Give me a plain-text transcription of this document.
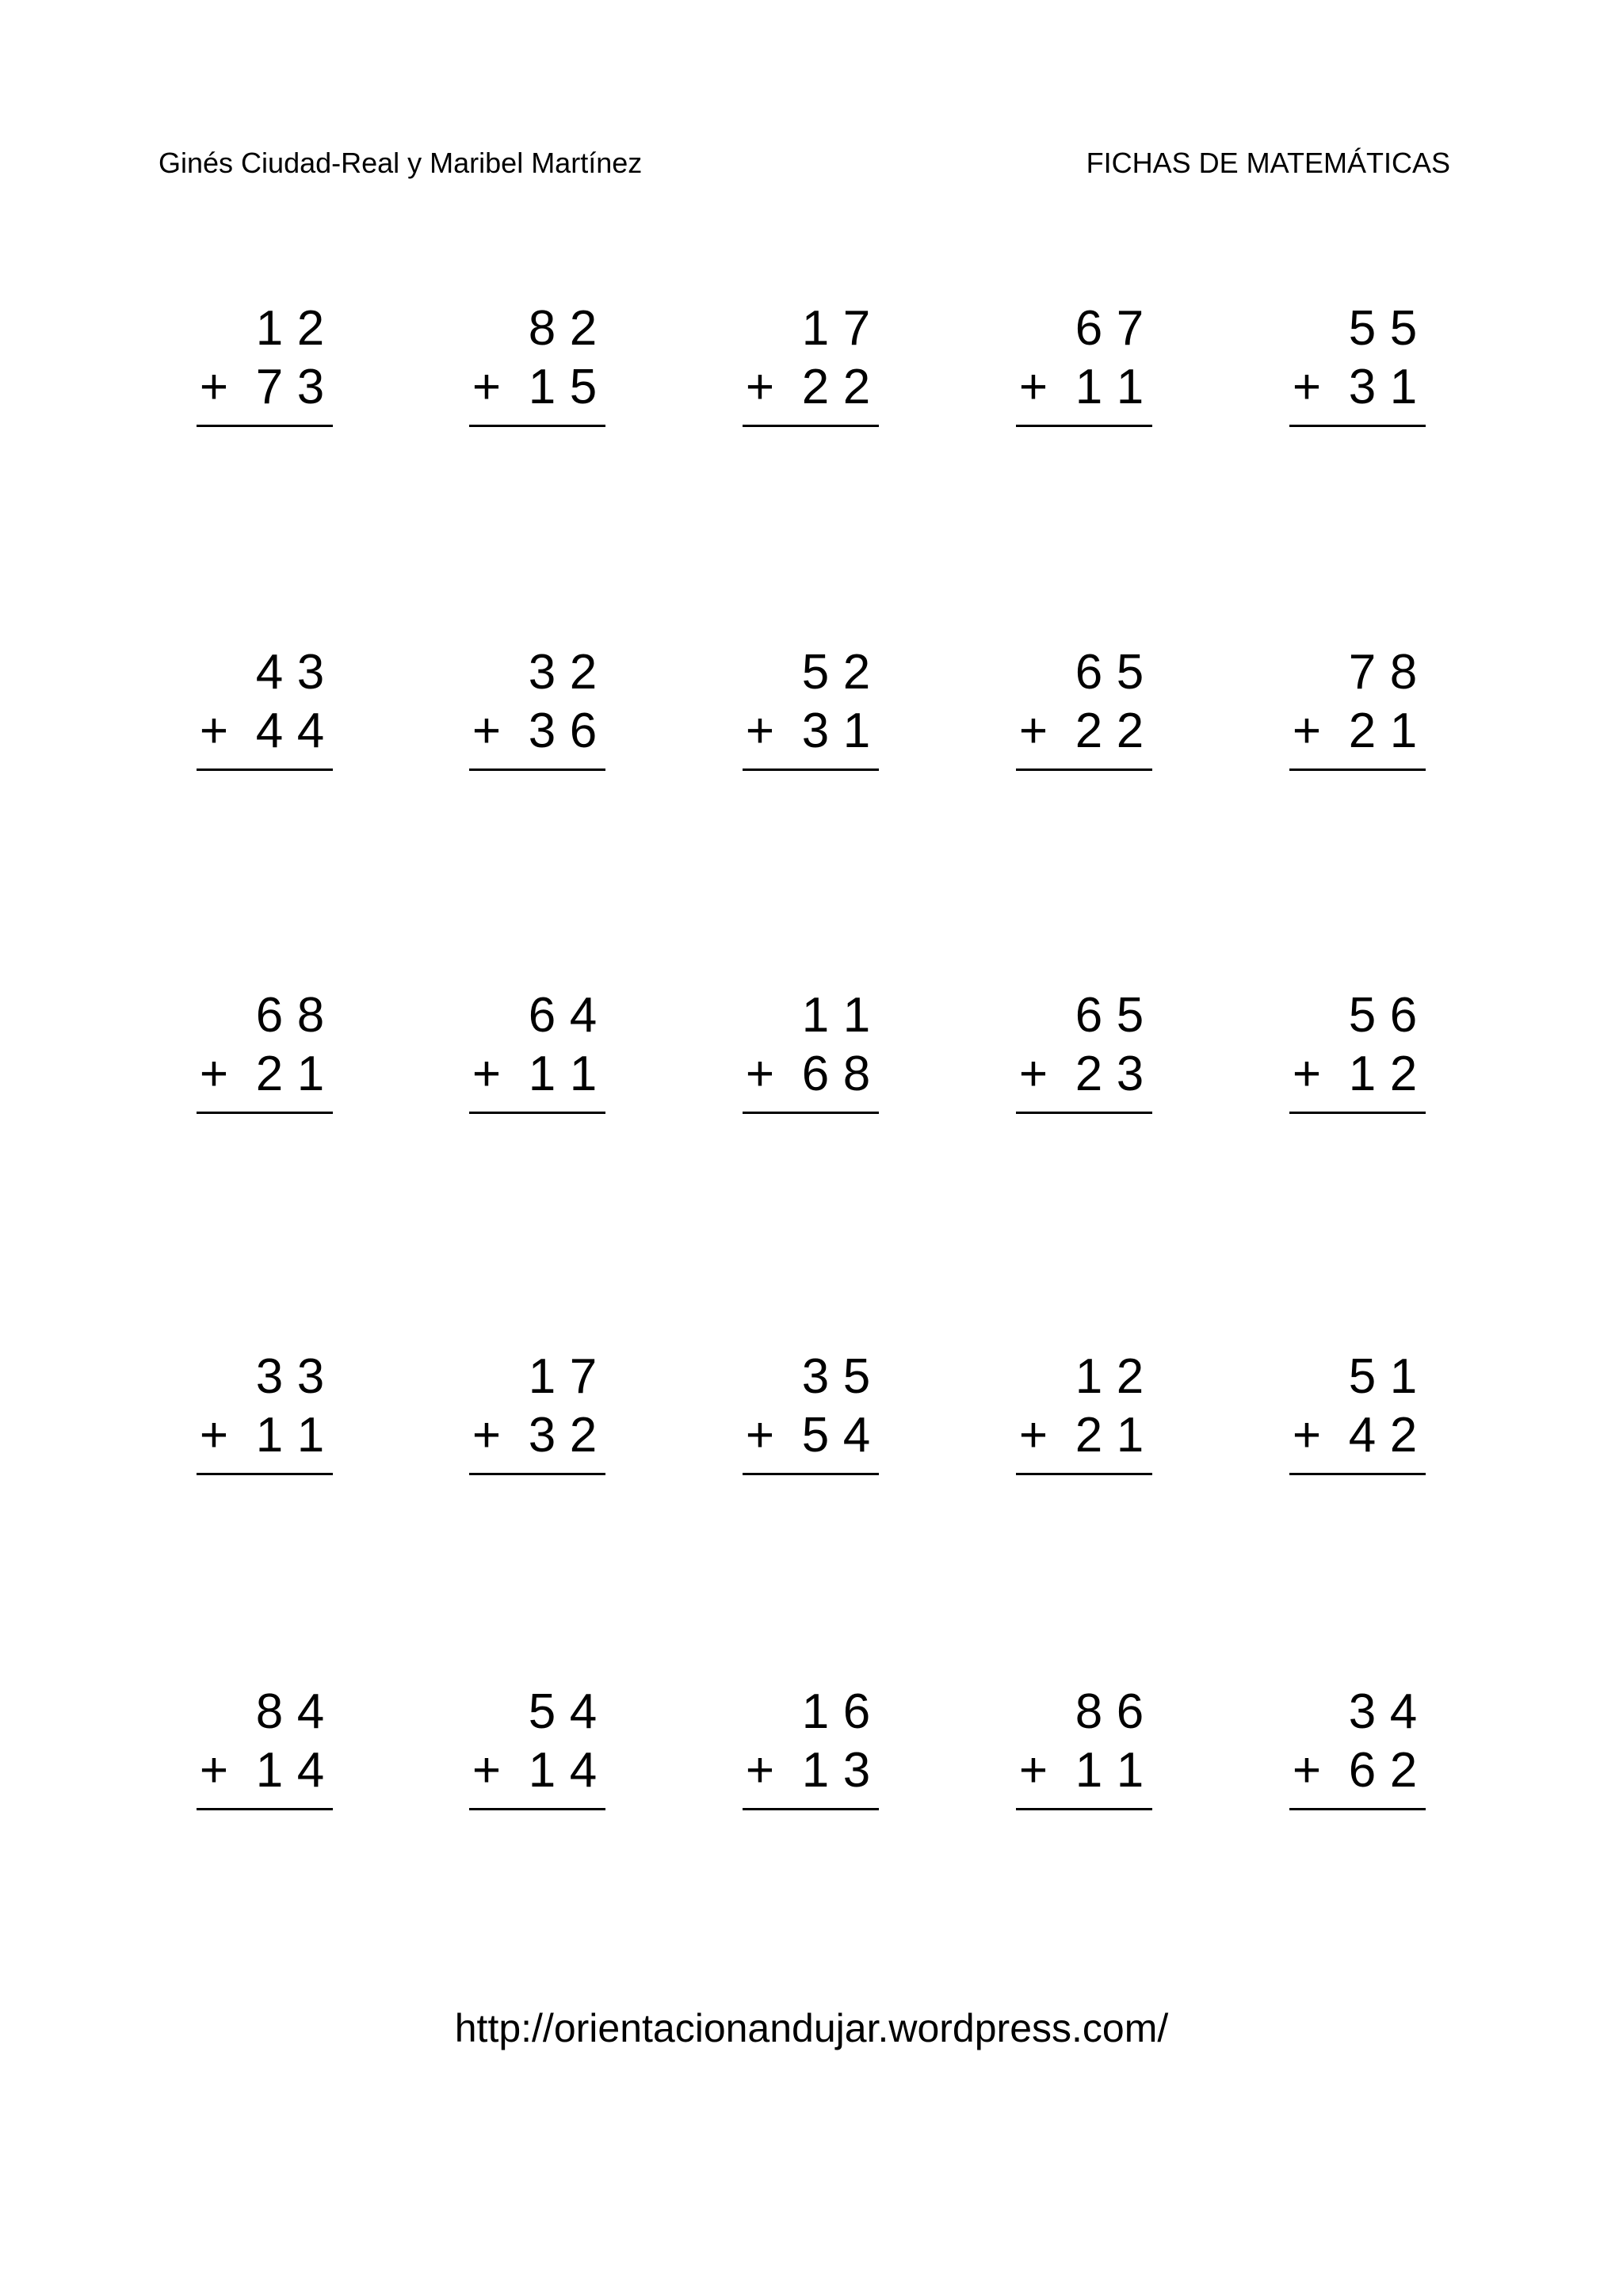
Ginés Ciudad-Real y Maribel Martínez	FICHAS DE MATEMÁTICAS
1 2
+ 7 3
8 2
+ 1 5
1 7
+ 2 2
6 7
+ 1 1
5 5
+ 3 1
4 3
+ 4 4
3 2
+ 3 6
5 2
+ 3 1
6 5
+ 2 2
7 8
+ 2 1
6 8
+ 2 1
6 4
+ 1 1
1 1
+ 6 8
6 5
+ 2 3
5 6
+ 1 2
3 3
+ 1 1
1 7
+ 3 2
3 5
+ 5 4
1 2
+ 2 1
5 1
+ 4 2
8 4
+ 1 4
5 4
+ 1 4
1 6
+ 1 3
8 6
+ 1 1
3 4
+ 6 2
http://orientacionandujar.wordpress.com/
